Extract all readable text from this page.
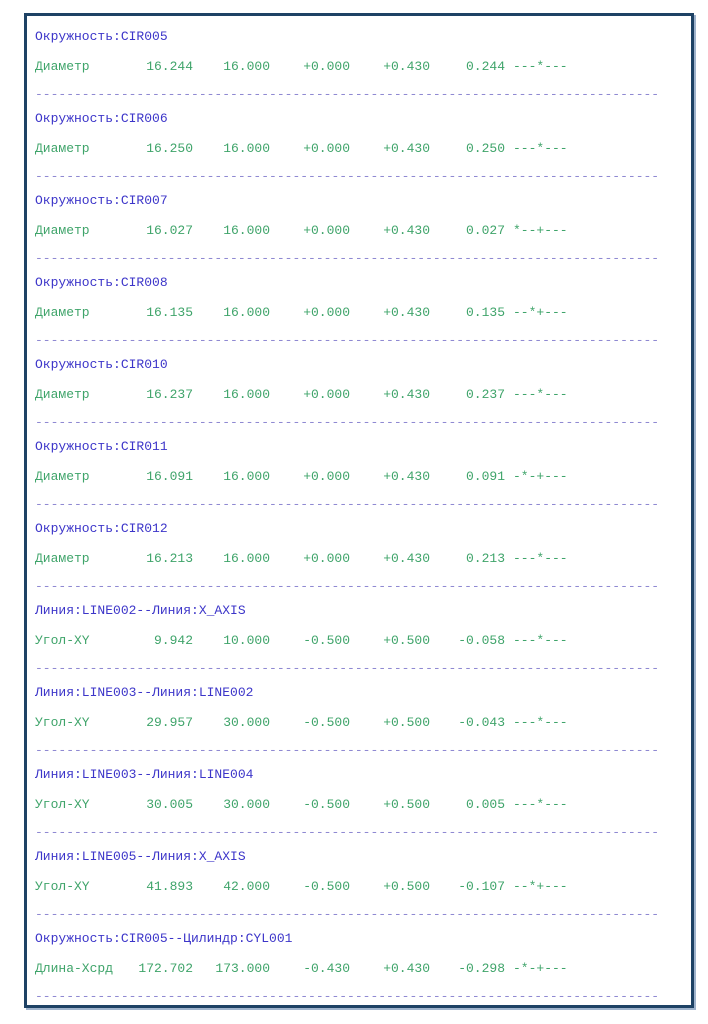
Окружность:CIR005
Диаметр	16.244	16.000	+0.000	+0.430	0.244 ---*---
--------------------------------------------------------------------------------
Окружность:CIR006
Диаметр	16.250	16.000	+0.000	+0.430	0.250 ---*---
--------------------------------------------------------------------------------
Окружность:CIR007
Диаметр	16.027	16.000	+0.000	+0.430	0.027 *--+---
--------------------------------------------------------------------------------
Окружность:CIR008
Диаметр	16.135	16.000	+0.000	+0.430	0.135 --*+---
--------------------------------------------------------------------------------
Окружность:CIR010
Диаметр	16.237	16.000	+0.000	+0.430	0.237 ---*---
--------------------------------------------------------------------------------
Окружность:CIR011
Диаметр	16.091	16.000	+0.000	+0.430	0.091 -*-+---
--------------------------------------------------------------------------------
Окружность:CIR012
Диаметр	16.213	16.000	+0.000	+0.430	0.213 ---*---
--------------------------------------------------------------------------------
Линия:LINE002--Линия:X_AXIS
Угол-XY	9.942	10.000	-0.500	+0.500	-0.058 ---*---
--------------------------------------------------------------------------------
Линия:LINE003--Линия:LINE002
Угол-XY	29.957	30.000	-0.500	+0.500	-0.043 ---*---
--------------------------------------------------------------------------------
Линия:LINE003--Линия:LINE004
Угол-XY	30.005	30.000	-0.500	+0.500	0.005 ---*---
--------------------------------------------------------------------------------
Линия:LINE005--Линия:X_AXIS
Угол-XY	41.893	42.000	-0.500	+0.500	-0.107 --*+---
--------------------------------------------------------------------------------
Окружность:CIR005--Цилиндр:CYL001
Длина-Хсрд	172.702	173.000	-0.430	+0.430	-0.298 -*-+---
--------------------------------------------------------------------------------
